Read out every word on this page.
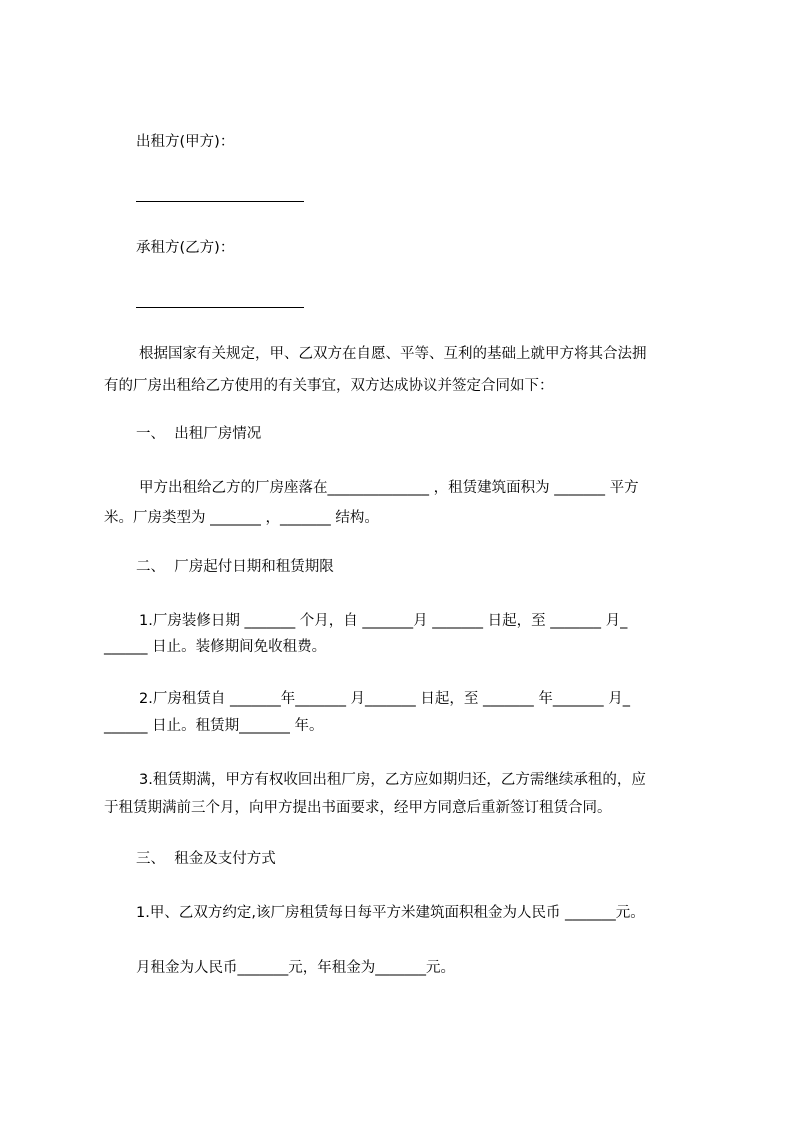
出租方(甲方)：
承租方(乙方)：
根据国家有关规定，甲、乙双方在自愿、平等、互利的基础上就甲方将其合法拥
有的厂房出租给乙方使用的有关事宜，双方达成协议并签定合同如下：
一、  出租厂房情况
甲方出租给乙方的厂房座落在______________ ，租赁建筑面积为 _______ 平方
米。厂房类型为 _______ ，_______ 结构。
二、  厂房起付日期和租赁期限
1.厂房装修日期 _______ 个月，自 _______月 _______ 日起，至 _______ 月_
______ 日止。装修期间免收租费。
2.厂房租赁自 _______年_______ 月_______ 日起，至 _______ 年_______ 月_
______ 日止。租赁期_______ 年。
3.租赁期满，甲方有权收回出租厂房，乙方应如期归还，乙方需继续承租的，应
于租赁期满前三个月，向甲方提出书面要求，经甲方同意后重新签订租赁合同。
三、  租金及支付方式
1.甲、乙双方约定,该厂房租赁每日每平方米建筑面积租金为人民币 _______元。
月租金为人民币_______元，年租金为_______元。
